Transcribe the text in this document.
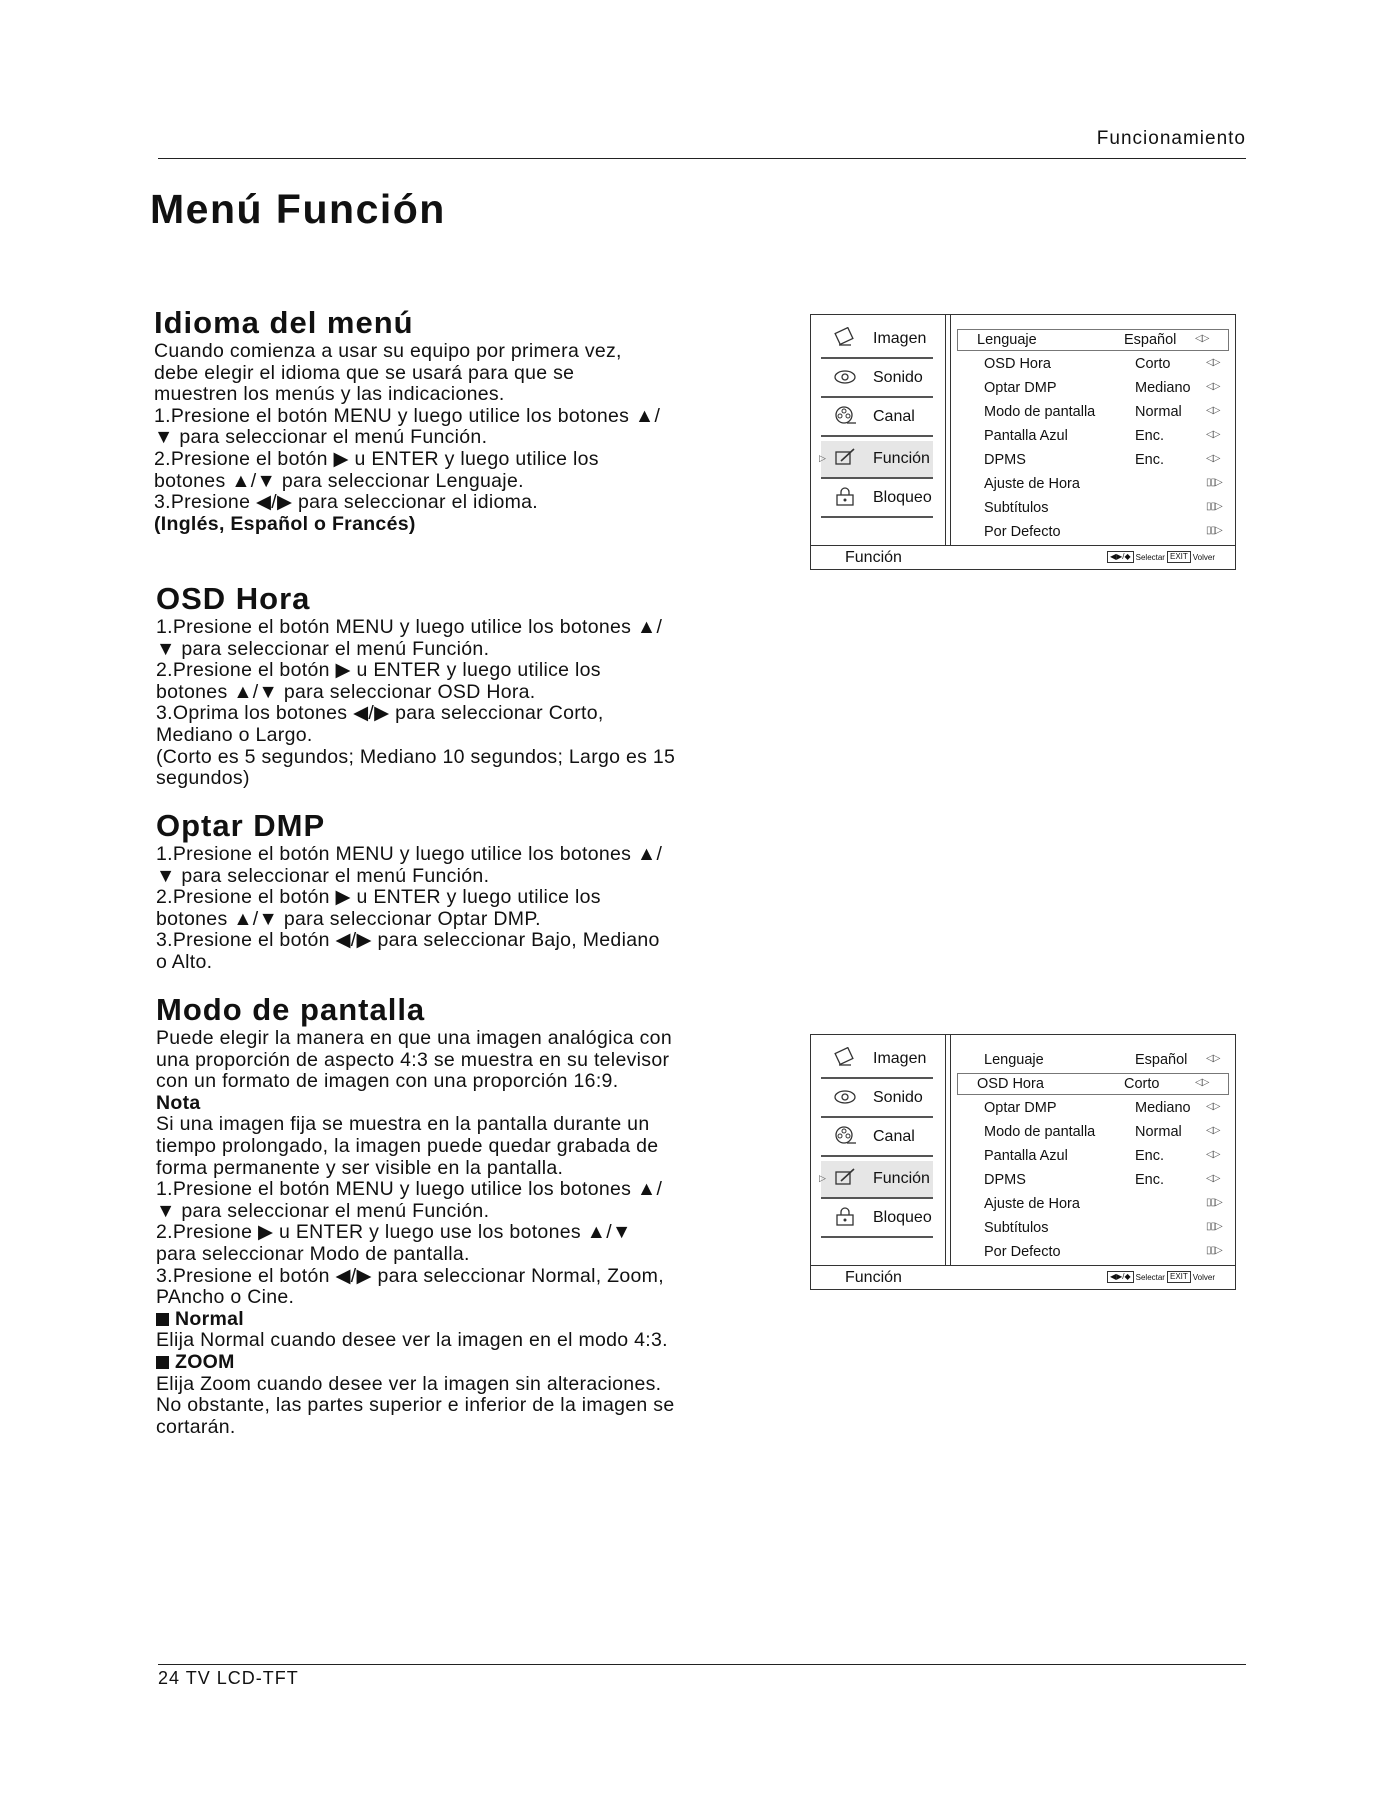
Funcionamiento
Menú Función
Idioma del menú

Cuando comienza a usar su equipo por primera vez,
debe elegir el idioma que se usará para que se
muestren los menús y las indicaciones.
1.Presione el botón MENU y luego utilice los botones ▲/▼ para seleccionar el menú Función.
2.Presione el botón ▶ u ENTER y luego utilice los botones ▲/▼ para seleccionar Lenguaje.
3.Presione ◀/▶ para seleccionar el idioma.
(Inglés, Español o Francés)

OSD Hora

1.Presione el botón MENU y luego utilice los botones ▲/▼ para seleccionar el menú Función.
2.Presione el botón ▶ u ENTER y luego utilice los botones ▲/▼ para seleccionar OSD Hora.
3.Oprima los botones ◀/▶ para seleccionar Corto, Mediano o Largo.
(Corto es 5 segundos; Mediano 10 segundos; Largo es 15 segundos)

Optar DMP

1.Presione el botón MENU y luego utilice los botones ▲/▼ para seleccionar el menú Función.
2.Presione el botón ▶ u ENTER y luego utilice los botones ▲/▼ para seleccionar Optar DMP.
3.Presione el botón ◀/▶ para seleccionar Bajo, Mediano o Alto.

Modo de pantalla

Puede elegir la manera en que una imagen analógica con una proporción de aspecto 4:3 se muestra en su televisor con un formato de imagen con una proporción 16:9.
Nota
Si una imagen fija se muestra en la pantalla durante un tiempo prolongado, la imagen puede quedar grabada de forma permanente y ser visible en la pantalla.
1.Presione el botón MENU y luego utilice los botones ▲/▼ para seleccionar el menú Función.
2.Presione ▶ u ENTER y luego use los botones ▲/▼ para seleccionar Modo de pantalla.
3.Presione el botón ◀/▶ para seleccionar Normal, Zoom, PAncho o Cine.
Normal
Elija Normal cuando desee ver la imagen en el modo 4:3.
ZOOM
Elija Zoom cuando desee ver la imagen sin alteraciones. No obstante, las partes superior e inferior de la imagen se cortarán.

Imagen
Sonido
Canal
▷	Función
Bloqueo
Lenguaje	Español ◁▷
OSD Hora	Corto	◁▷
Optar DMP	Mediano ◁▷
Modo de pantalla	Normal ◁▷
Pantalla Azul	Enc.	◁▷
DPMS	Enc.	◁▷
Ajuste de Hora	▯▯▷
Subtítulos	▯▯▷
Por Defecto	▯▯▷
Función	◀▶/◆ Selectar EXIT Volver
Imagen
Sonido
Canal
▷	Función
Bloqueo
Lenguaje	Español ◁▷
OSD Hora	Corto	◁▷
Optar DMP	Mediano ◁▷
Modo de pantalla	Normal ◁▷
Pantalla Azul	Enc.	◁▷
DPMS	Enc.	◁▷
Ajuste de Hora	▯▯▷
Subtítulos	▯▯▷
Por Defecto	▯▯▷
Función	◀▶/◆ Selectar EXIT Volver
24 TV LCD-TFT
